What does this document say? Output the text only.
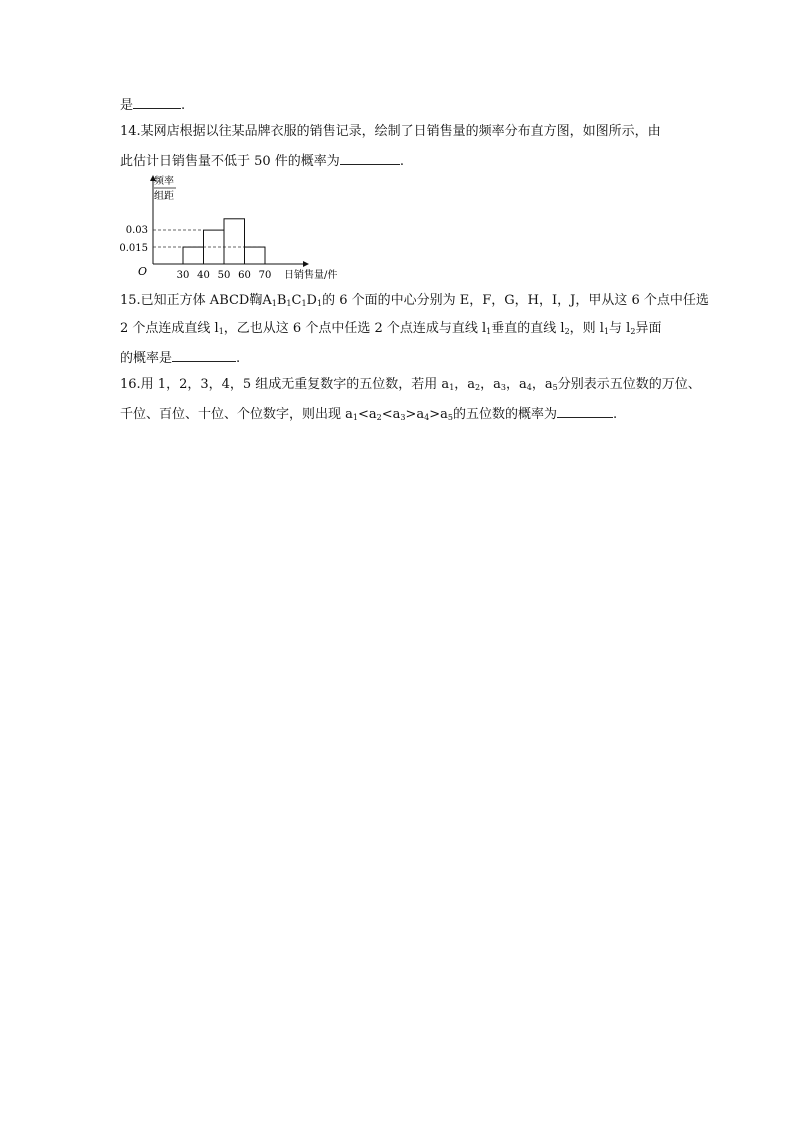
是	.
14.某网店根据以往某品牌衣服的销售记录，绘制了日销售量的频率分布直方图，如图所示，由
此估计日销售量不低于 50 件的概率为	.
频率
组距
0.03
0.015
O	30 40 50 60 70 日销售量/件
15.已知正方体 ABCD鞫$A_1B_1C_1D_1$的 6 个面的中心分别为 E，F，G，H，I，J，甲从这 6 个点中任选
2 个点连成直线 $l_1$，乙也从这 6 个点中任选 2 个点连成与直线 $l_1$垂直的直线 $l_2$，则 $l_1$与 $l_2$异面
的概率是	.
16.用 1，2，3，4，5 组成无重复数字的五位数，若用 $a_1$，$a_2$，$a_3$，$a_4$，$a_5$分别表示五位数的万位、
千位、百位、十位、个位数字，则出现 $a_1<a_2<a_3>a_4>a_5$的五位数的概率为	.
